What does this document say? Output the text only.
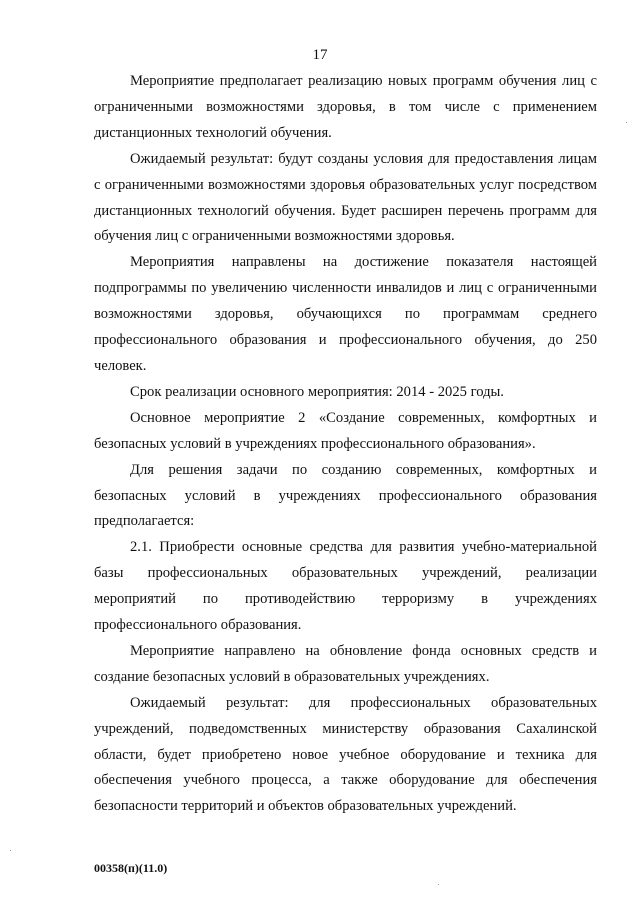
17

Мероприятие предполагает реализацию новых программ обучения лиц с ограниченными возможностями здоровья, в том числе с применением дистанционных технологий обучения.

Ожидаемый результат: будут созданы условия для предоставления лицам с ограниченными возможностями здоровья образовательных услуг посредством дистанционных технологий обучения. Будет расширен перечень программ для обучения лиц с ограниченными возможностями здоровья.

Мероприятия направлены на достижение показателя настоящей подпрограммы по увеличению численности инвалидов и лиц с ограниченными возможностями здоровья, обучающихся по программам среднего профессионального образования и профессионального обучения, до 250 человек.

Срок реализации основного мероприятия: 2014 - 2025 годы.

Основное мероприятие 2 «Создание современных, комфортных и безопасных условий в учреждениях профессионального образования».

Для решения задачи по созданию современных, комфортных и безопасных условий в учреждениях профессионального образования предполагается:

2.1. Приобрести основные средства для развития учебно-материальной базы профессиональных образовательных учреждений, реализации мероприятий по противодействию терроризму в учреждениях профессионального образования.

Мероприятие направлено на обновление фонда основных средств и создание безопасных условий в образовательных учреждениях.

Ожидаемый результат: для профессиональных образовательных учреждений, подведомственных министерству образования Сахалинской области, будет приобретено новое учебное оборудование и техника для обеспечения учебного процесса, а также оборудование для обеспечения безопасности территорий и объектов образовательных учреждений.

00358(п)(11.0)
